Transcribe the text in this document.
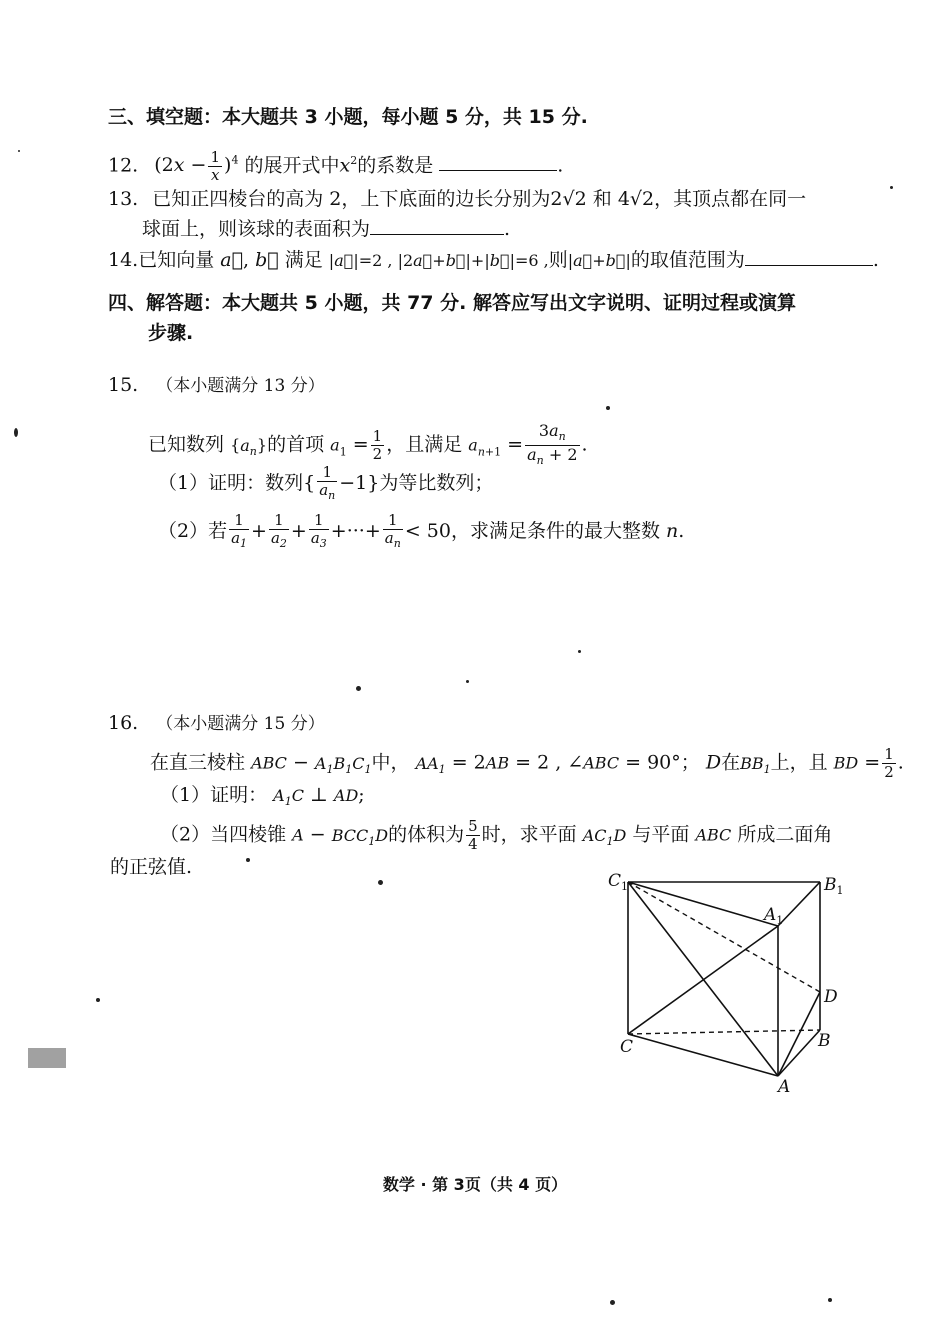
三、填空题：本大题共 3 小题，每小题 5 分，共 15 分.
12. $(2x - \frac{1}{x} )^4$ 的展开式中$x^2$的系数是	.
13. 已知正四棱台的高为 2，上下底面的边长分别为2√2 和 4√2，其顶点都在同一
球面上，则该球的表面积为	.
14.已知向量 a⃗, b⃗ 满足 |a⃗|=2 , |2a⃗+b⃗|+|b⃗|=6 ,则|a⃗+b⃗|的取值范围为	.
四、解答题：本大题共 5 小题，共 77 分. 解答应写出文字说明、证明过程或演算
步骤.
15. （本小题满分 13 分）
已知数列 $\{a_n\}$的首项 $a_1 = \frac{1}{2}$ ，且满足 $a_{n+1} = \frac{3a_n}{a_n + 2}$ .
（1）证明：数列{ $\frac{1}{a_n} -1$}为等比数列；
（2）若 $\frac{1}{a_1} + \frac{1}{a_2} + \frac{1}{a_3}$ +···+ $\frac{1}{a_n} < 50$，求满足条件的最大整数 n.
16. （本小题满分 15 分）
在直三棱柱 ABC − $A_1B_1C_1$中， $AA_1 = 2AB = 2$ , ∠ABC = 90°； D在$BB_1$上，且 BD = $\frac{1}{2}$ .
（1）证明： $A_1C$ ⊥ AD;
（2）当四棱锥 $A - BCC_1D$的体积为 $\frac{5}{4}$ 时，求平面 $AC_1D$ 与平面 ABC 所成二面角
的正弦值.
$C_1$	$B_1$
$A_1$
D
C	B
A
数学 · 第 3页（共 4 页）
